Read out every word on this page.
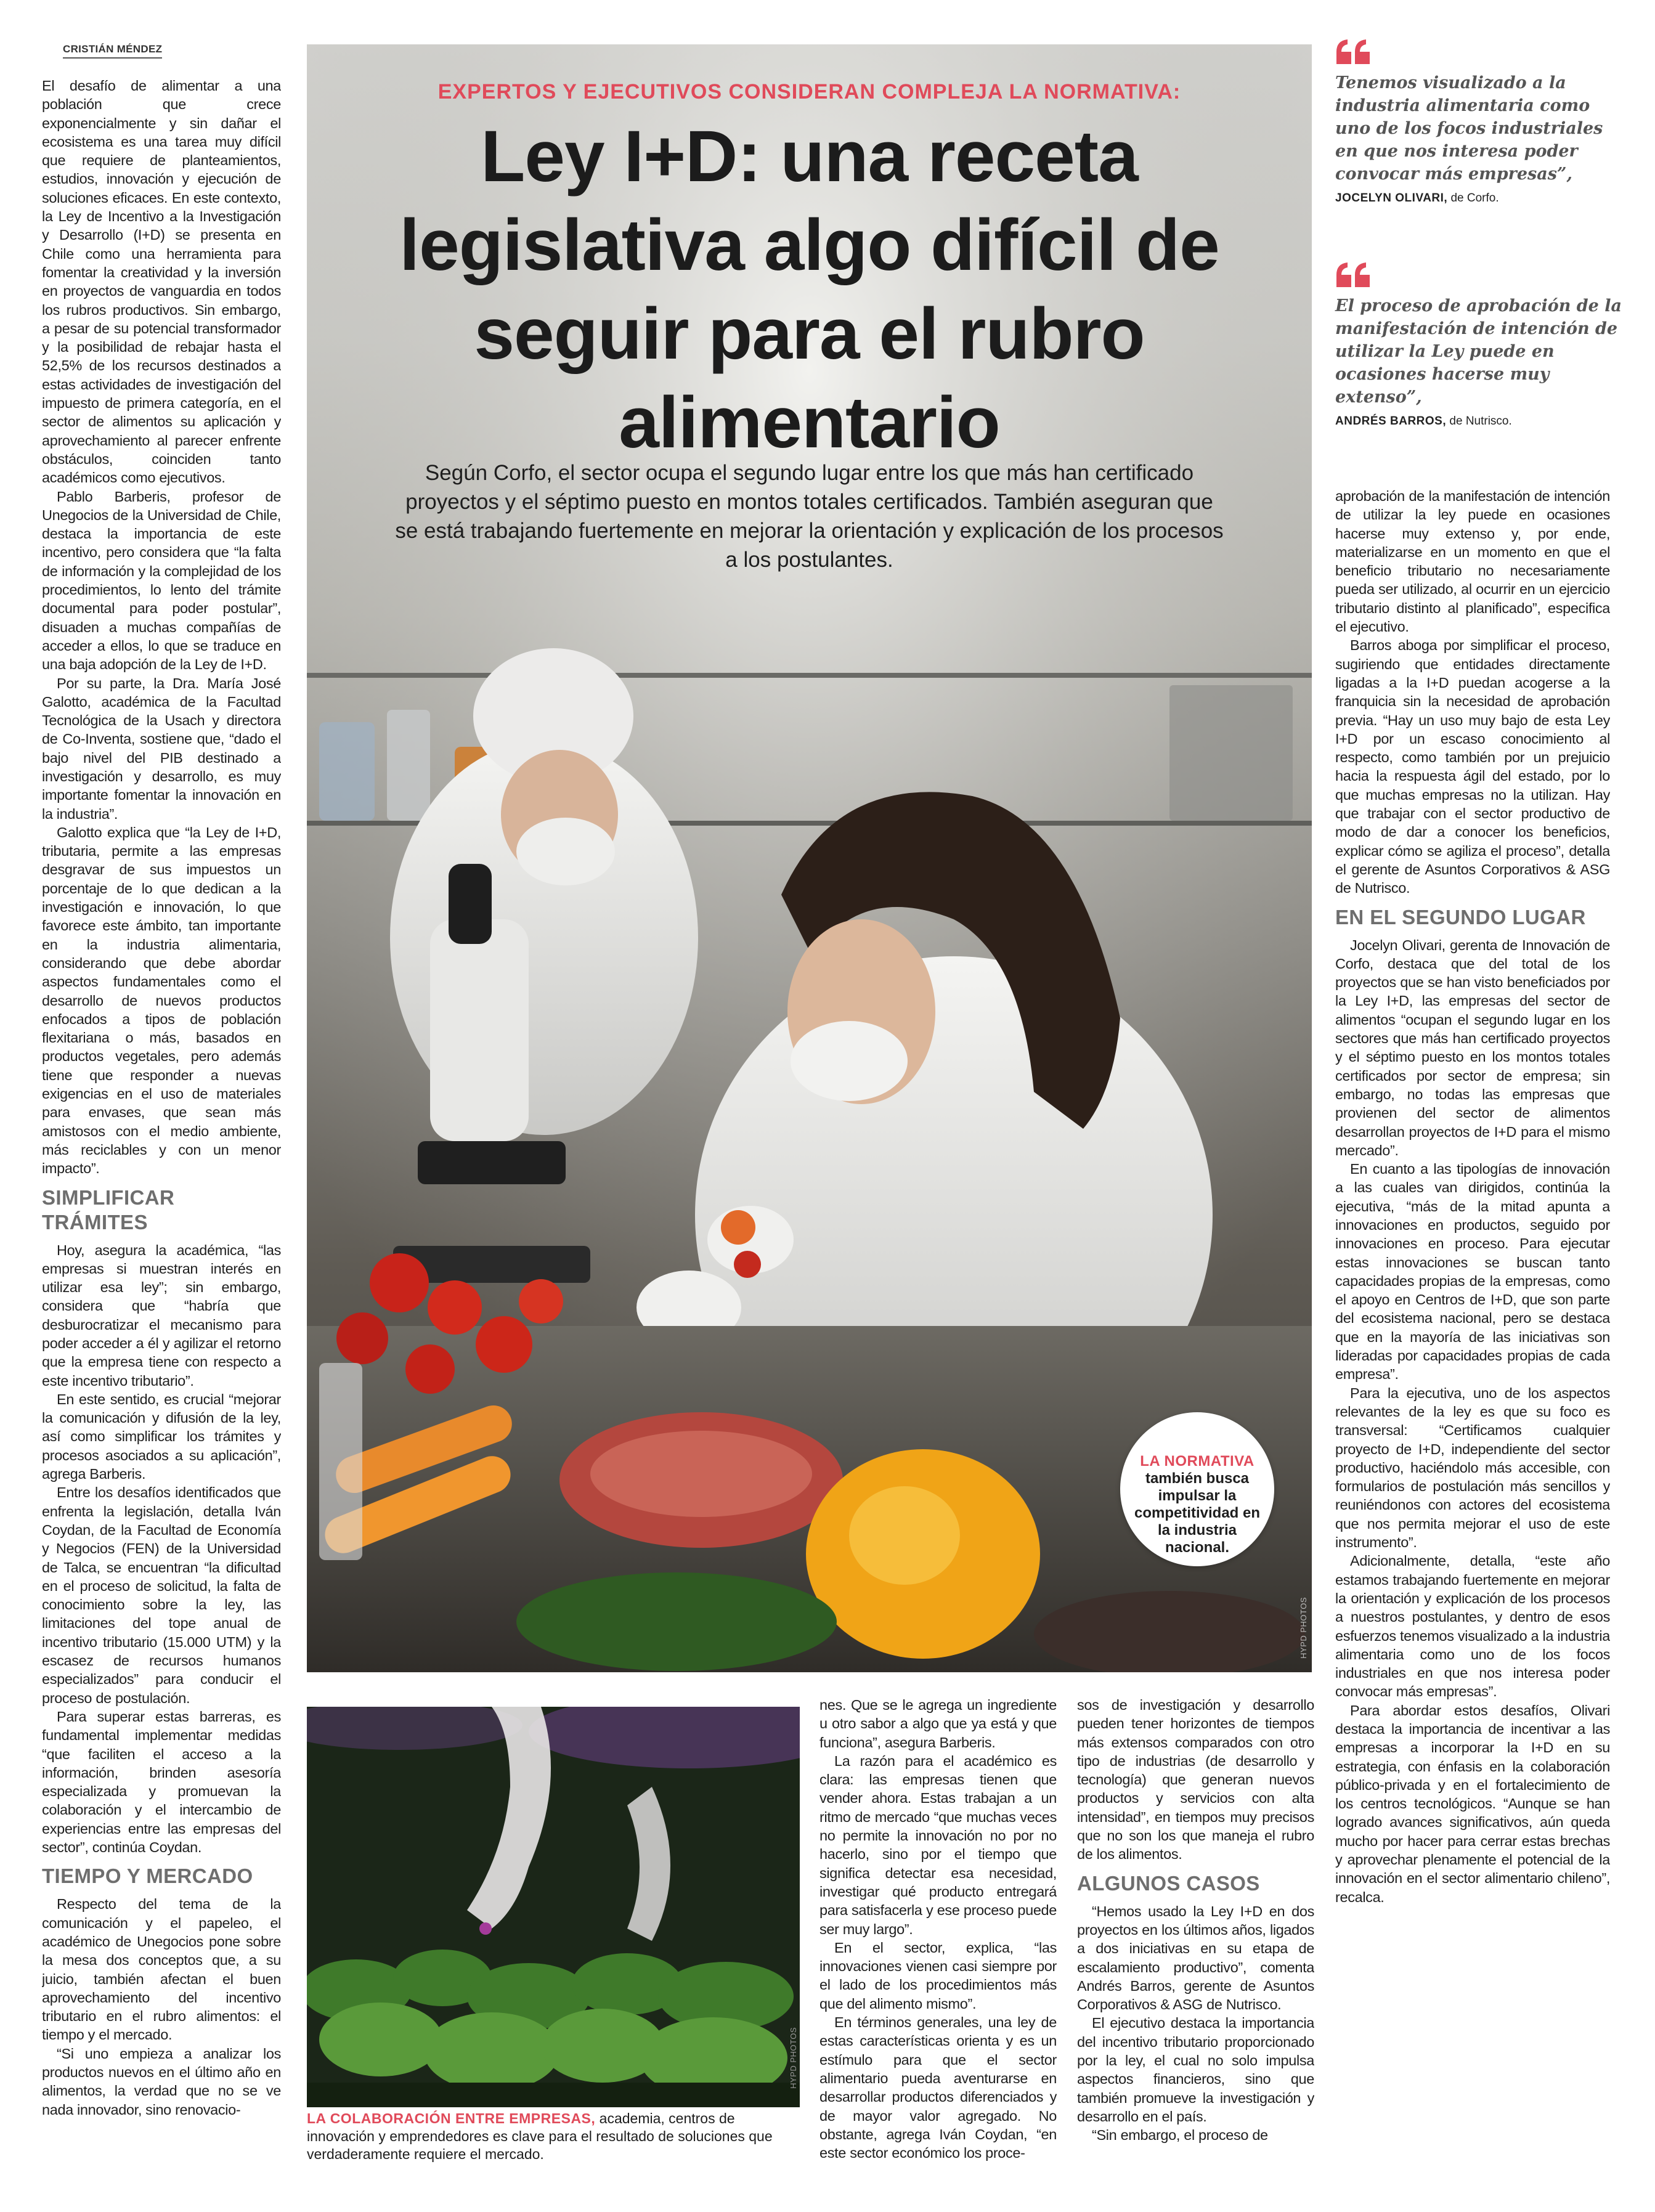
CRISTIÁN MÉNDEZ

El desafío de alimentar a una población que crece exponencialmente y sin dañar el ecosistema es una tarea muy difícil que requiere de planteamientos, estudios, innovación y ejecución de soluciones eficaces. En este contexto, la Ley de Incentivo a la Investigación y Desarrollo (I+D) se presenta en Chile como una herramienta para fomentar la creatividad y la inversión en proyectos de vanguardia en todos los rubros productivos. Sin embargo, a pesar de su potencial transformador y la posibilidad de rebajar hasta el 52,5% de los recursos destinados a estas actividades de investigación del impuesto de primera categoría, en el sector de alimentos su aplicación y aprovechamiento al parecer enfrente obstáculos, coinciden tanto académicos como ejecutivos.

Pablo Barberis, profesor de Unegocios de la Universidad de Chile, destaca la importancia de este incentivo, pero considera que “la falta de información y la complejidad de los procedimientos, lo lento del trámite documental para poder postular”, disuaden a muchas compañías de acceder a ellos, lo que se traduce en una baja adopción de la Ley de I+D.

Por su parte, la Dra. María José Galotto, académica de la Facultad Tecnológica de la Usach y directora de Co-Inventa, sostiene que, “dado el bajo nivel del PIB destinado a investigación y desarrollo, es muy importante fomentar la innovación en la industria”.

Galotto explica que “la Ley de I+D, tributaria, permite a las empresas desgravar de sus impuestos un porcentaje de lo que dedican a la investigación e innovación, lo que favorece este ámbito, tan importante en la industria alimentaria, considerando que debe abordar aspectos fundamentales como el desarrollo de nuevos productos enfocados a tipos de población flexitariana o más, basados en productos vegetales, pero además tiene que responder a nuevas exigencias en el uso de materiales para envases, que sean más amistosos con el medio ambiente, más reciclables y con un menor impacto”.

SIMPLIFICAR TRÁMITES

Hoy, asegura la académica, “las empresas si muestran interés en utilizar esa ley”; sin embargo, considera que “habría que desburocratizar el mecanismo para poder acceder a él y agilizar el retorno que la empresa tiene con respecto a este incentivo tributario”.

En este sentido, es crucial “mejorar la comunicación y difusión de la ley, así como simplificar los trámites y procesos asociados a su aplicación”, agrega Barberis.

Entre los desafíos identificados que enfrenta la legislación, detalla Iván Coydan, de la Facultad de Economía y Negocios (FEN) de la Universidad de Talca, se encuentran “la dificultad en el proceso de solicitud, la falta de conocimiento sobre la ley, las limitaciones del tope anual de incentivo tributario (15.000 UTM) y la escasez de recursos humanos especializados” para conducir el proceso de postulación.

Para superar estas barreras, es fundamental implementar medidas “que faciliten el acceso a la información, brinden asesoría especializada y promuevan la colaboración y el intercambio de experiencias entre las empresas del sector”, continúa Coydan.

TIEMPO Y MERCADO

Respecto del tema de la comunicación y el papeleo, el académico de Unegocios pone sobre la mesa dos conceptos que, a su juicio, también afectan el buen aprovechamiento del incentivo tributario en el rubro alimentos: el tiempo y el mercado.

“Si uno empieza a analizar los productos nuevos en el último año en alimentos, la verdad que no se ve nada innovador, sino renovacio-

EXPERTOS Y EJECUTIVOS CONSIDERAN COMPLEJA LA NORMATIVA:
Ley I+D: una receta
legislativa algo difícil de
seguir para el rubro
alimentario
Según Corfo, el sector ocupa el segundo lugar entre los que más han certificado
proyectos y el séptimo puesto en montos totales certificados. También aseguran que
se está trabajando fuertemente en mejorar la orientación y explicación de los procesos
a los postulantes.
LA NORMATIVA
también busca impulsar la competitividad en la industria nacional.
HYPD PHOTOS
Tenemos visualizado a la industria alimentaria como uno de los focos industriales en que nos interesa poder convocar más empresas”,
JOCELYN OLIVARI, de Corfo.
El proceso de aprobación de la manifestación de intención de utilizar la Ley puede en ocasiones hacerse muy extenso”,
ANDRÉS BARROS, de Nutrisco.

aprobación de la manifestación de intención de utilizar la ley puede en ocasiones hacerse muy extenso y, por ende, materializarse en un momento en que el beneficio tributario no necesariamente pueda ser utilizado, al ocurrir en un ejercicio tributario distinto al planificado”, especifica el ejecutivo.

Barros aboga por simplificar el proceso, sugiriendo que entidades directamente ligadas a la I+D puedan acogerse a la franquicia sin la necesidad de aprobación previa. “Hay un uso muy bajo de esta Ley I+D por un escaso conocimiento al respecto, como también por un prejuicio hacia la respuesta ágil del estado, por lo que muchas empresas no la utilizan. Hay que trabajar con el sector productivo de modo de dar a conocer los beneficios, explicar cómo se agiliza el proceso”, detalla el gerente de Asuntos Corporativos & ASG de Nutrisco.

EN EL SEGUNDO LUGAR

Jocelyn Olivari, gerenta de Innovación de Corfo, destaca que del total de los proyectos que se han visto beneficiados por la Ley I+D, las empresas del sector de alimentos “ocupan el segundo lugar en los sectores que más han certificado proyectos y el séptimo puesto en los montos totales certificados por sector de empresa; sin embargo, no todas las empresas que provienen del sector de alimentos desarrollan proyectos de I+D para el mismo mercado”.

En cuanto a las tipologías de innovación a las cuales van dirigidos, continúa la ejecutiva, “más de la mitad apunta a innovaciones en productos, seguido por innovaciones en proceso. Para ejecutar estas innovaciones se buscan tanto capacidades propias de la empresas, como el apoyo en Centros de I+D, que son parte del ecosistema nacional, pero se destaca que en la mayoría de las iniciativas son lideradas por capacidades propias de cada empresa”.

Para la ejecutiva, uno de los aspectos relevantes de la ley es que su foco es transversal: “Certificamos cualquier proyecto de I+D, independiente del sector productivo, haciéndolo más accesible, con formularios de postulación más sencillos y reuniéndonos con actores del ecosistema que nos permita mejorar el uso de este instrumento”.

Adicionalmente, detalla, “este año estamos trabajando fuertemente en mejorar la orientación y explicación de los procesos a nuestros postulantes, y dentro de esos esfuerzos tenemos visualizado a la industria alimentaria como uno de los focos industriales en que nos interesa poder convocar más empresas”.

Para abordar estos desafíos, Olivari destaca la importancia de incentivar a las empresas a incorporar la I+D en su estrategia, con énfasis en la colaboración público-privada y en el fortalecimiento de los centros tecnológicos. “Aunque se han logrado avances significativos, aún queda mucho por hacer para cerrar estas brechas y aprovechar plenamente el potencial de la innovación en el sector alimentario chileno”, recalca.

HYPD PHOTOS
LA COLABORACIÓN ENTRE EMPRESAS, academia, centros de innovación y emprendedores es clave para el resultado de soluciones que verdaderamente requiere el mercado.

nes. Que se le agrega un ingrediente u otro sabor a algo que ya está y que funciona”, asegura Barberis.

La razón para el académico es clara: las empresas tienen que vender ahora. Estas trabajan a un ritmo de mercado “que muchas veces no permite la innovación no por no hacerlo, sino por el tiempo que significa detectar esa necesidad, investigar qué producto entregará para satisfacerla y ese proceso puede ser muy largo”.

En el sector, explica, “las innovaciones vienen casi siempre por el lado de los procedimientos más que del alimento mismo”.

En términos generales, una ley de estas características orienta y es un estímulo para que el sector alimentario pueda aventurarse en desarrollar productos diferenciados y de mayor valor agregado. No obstante, agrega Iván Coydan, “en este sector económico los proce-

sos de investigación y desarrollo pueden tener horizontes de tiempos más extensos comparados con otro tipo de industrias (de desarrollo y tecnología) que generan nuevos productos y servicios con alta intensidad”, en tiempos muy precisos que no son los que maneja el rubro de los alimentos.

ALGUNOS CASOS

“Hemos usado la Ley I+D en dos proyectos en los últimos años, ligados a dos iniciativas en su etapa de escalamiento productivo”, comenta Andrés Barros, gerente de Asuntos Corporativos & ASG de Nutrisco.

El ejecutivo destaca la importancia del incentivo tributario proporcionado por la ley, el cual no solo impulsa aspectos financieros, sino que también promueve la investigación y desarrollo en el país.

“Sin embargo, el proceso de
